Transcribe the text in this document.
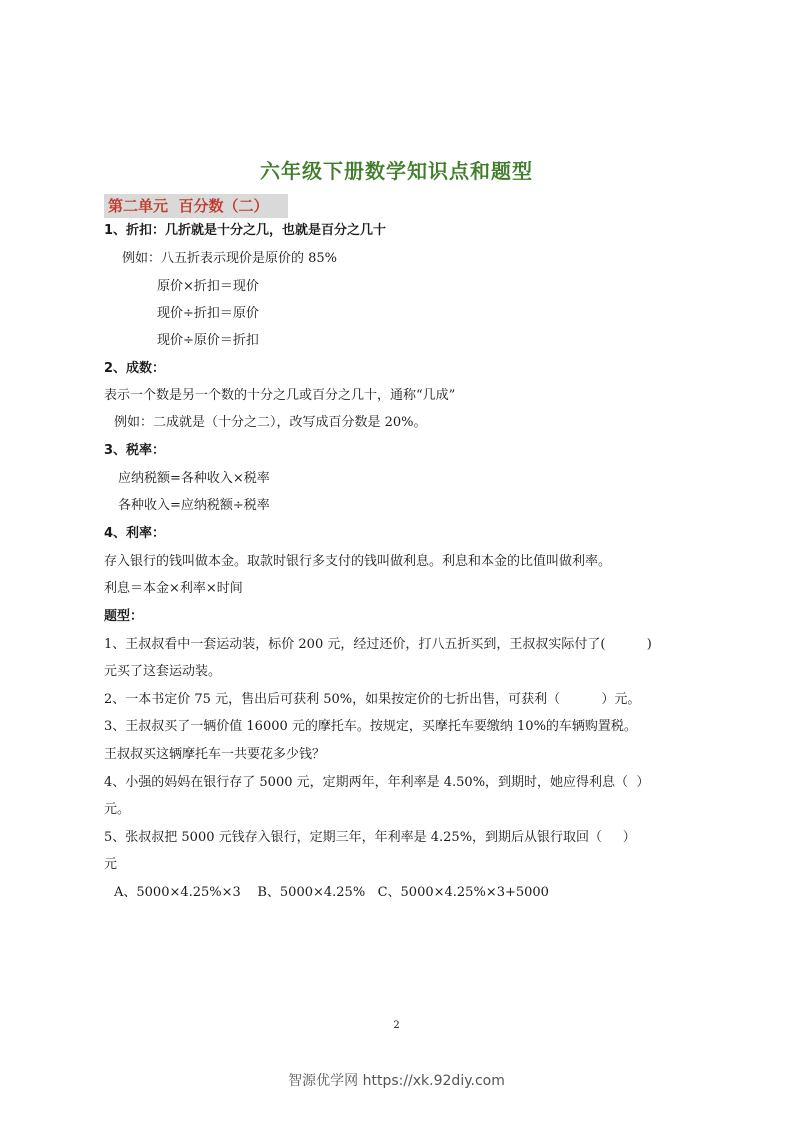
六年级下册数学知识点和题型
第二单元  百分数（二）
1、折扣：几折就是十分之几，也就是百分之几十
例如：八五折表示现价是原价的 85%
原价×折扣＝现价
现价÷折扣＝原价
现价÷原价＝折扣
2、成数：
表示一个数是另一个数的十分之几或百分之几十，通称“几成”
例如：二成就是（十分之二），改写成百分数是 20%。
3、税率：
应纳税额=各种收入×税率
各种收入=应纳税额÷税率
4、利率：
存入银行的钱叫做本金。取款时银行多支付的钱叫做利息。利息和本金的比值叫做利率。
利息＝本金×利率×时间
题型：
1、王叔叔看中一套运动装，标价 200 元，经过还价，打八五折买到，王叔叔实际付了(          )
元买了这套运动装。
2、一本书定价 75 元，售出后可获利 50%，如果按定价的七折出售，可获利（          ）元。
3、王叔叔买了一辆价值 16000 元的摩托车。按规定，买摩托车要缴纳 10%的车辆购置税。
王叔叔买这辆摩托车一共要花多少钱？
4、小强的妈妈在银行存了 5000 元，定期两年，年利率是 4.50%，到期时，她应得利息（  ）
元。
5、张叔叔把 5000 元钱存入银行，定期三年，年利率是 4.25%，到期后从银行取回（     ）
元
A、5000×4.25%×3    B、5000×4.25%   C、5000×4.25%×3+5000
2
智源优学网 https://xk.92diy.com
